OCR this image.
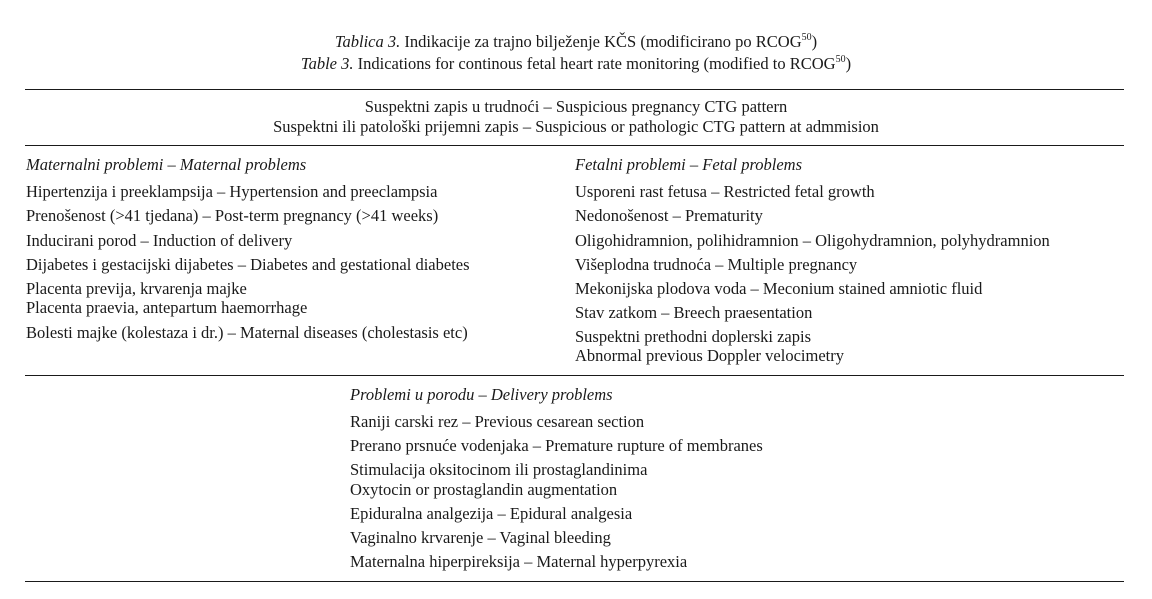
Tablica 3. Indikacije za trajno bilježenje KČS (modificirano po RCOG$^{50}$)
Table 3. Indications for continous fetal heart rate monitoring (modified to RCOG$^{50}$)
Suspektni zapis u trudnoći – Suspicious pregnancy CTG pattern
Suspektni ili patološki prijemni zapis – Suspicious or pathologic CTG pattern at admmision
Maternalni problemi – Maternal problems
Hipertenzija i preeklampsija – Hypertension and preeclampsia
Prenošenost (>41 tjedana) – Post-term pregnancy (>41 weeks)
Inducirani porod – Induction of delivery
Dijabetes i gestacijski dijabetes – Diabetes and gestational diabetes
Placenta previja, krvarenja majke
Placenta praevia, antepartum haemorrhage
Bolesti majke (kolestaza i dr.) – Maternal diseases (cholestasis etc)
Fetalni problemi – Fetal problems
Usporeni rast fetusa – Restricted fetal growth
Nedonošenost – Prematurity
Oligohidramnion, polihidramnion – Oligohydramnion, polyhydramnion
Višeplodna trudnoća – Multiple pregnancy
Mekonijska plodova voda – Meconium stained amniotic fluid
Stav zatkom – Breech praesentation
Suspektni prethodni doplerski zapis
Abnormal previous Doppler velocimetry
Problemi u porodu – Delivery problems
Raniji carski rez – Previous cesarean section
Prerano prsnuće vodenjaka – Premature rupture of membranes
Stimulacija oksitocinom ili prostaglandinima
Oxytocin or prostaglandin augmentation
Epiduralna analgezija – Epidural analgesia
Vaginalno krvarenje – Vaginal bleeding
Maternalna hiperpireksija – Maternal hyperpyrexia
